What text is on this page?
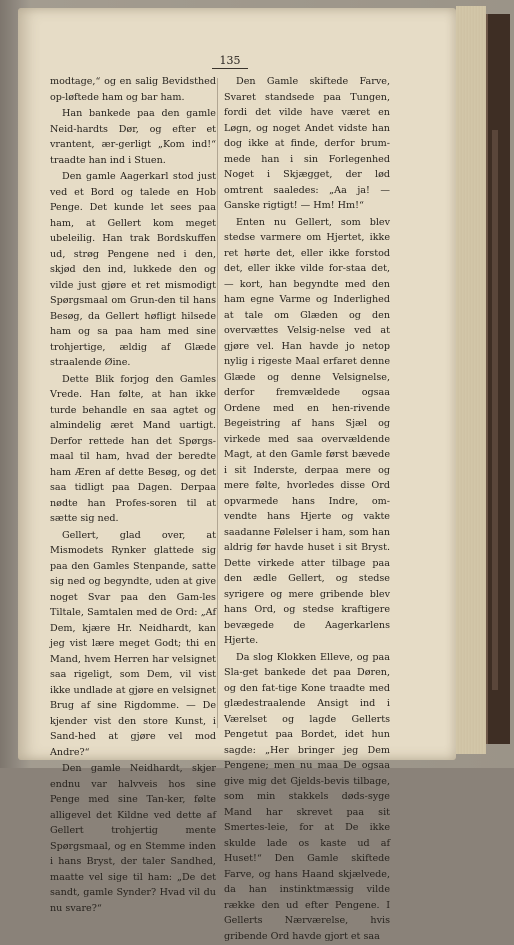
135

modtage,“ og en salig Bevidsthed op-løftede ham og bar ham.

Han bankede paa den gamle Neid-hardts Dør, og efter et vrantent, ær-gerligt „Kom ind!“ traadte han ind i Stuen.

Den gamle Aagerkarl stod just ved et Bord og talede en Hob Penge. Det kunde let sees paa ham, at Gellert kom meget ubeleilig. Han trak Bordskuffen ud, strøg Pengene ned i den, skjød den ind, lukkede den og vilde just gjøre et ret mismodigt Spørgsmaal om Grun-den til hans Besøg, da Gellert høfligt hilsede ham og sa paa ham med sine trohjertige, ældig af Glæde straalende Øine.

Dette Blik forjog den Gamles Vrede. Han følte, at han ikke turde behandle en saa agtet og almindelig æret Mand uartigt. Derfor rettede han det Spørgs-maal til ham, hvad der beredte ham Æren af dette Besøg, og det saa tidligt paa Dagen. Derpaa nødte han Profes-soren til at sætte sig ned.

Gellert, glad over, at Mismodets Rynker glattede sig paa den Gamles Stenpande, satte sig ned og begyndte, uden at give noget Svar paa den Gam-les Tiltale, Samtalen med de Ord: „Af Dem, kjære Hr. Neidhardt, kan jeg vist lære meget Godt; thi en Mand, hvem Herren har velsignet saa rigeligt, som Dem, vil vist ikke undlade at gjøre en velsignet Brug af sine Rigdomme. — De kjender vist den store Kunst, i Sand-hed at gjøre vel mod Andre?“

Den gamle Neidhardt, skjer endnu var halvveis hos sine Penge med sine Tan-ker, følte alligevel det Kildne ved dette af Gellert trohjertig mente Spørgsmaal, og en Stemme inden i hans Bryst, der taler Sandhed, maatte vel sige til ham: „De det sandt, gamle Synder? Hvad vil du nu svare?“

Den Gamle skiftede Farve, Svaret standsede paa Tungen, fordi det vilde have været en Løgn, og noget Andet vidste han dog ikke at finde, derfor brum-mede han i sin Forlegenhed Noget i Skjægget, der lød omtrent saaledes: „Aa ja! — Ganske rigtigt! — Hm! Hm!“

Enten nu Gellert, som blev stedse varmere om Hjertet, ikke ret hørte det, eller ikke forstod det, eller ikke vilde for-staa det, — kort, han begyndte med den ham egne Varme og Inderlighed at tale om Glæden og den overvættes Velsig-nelse ved at gjøre vel. Han havde jo netop nylig i rigeste Maal erfaret denne Glæde og denne Velsignelse, derfor fremvældede ogsaa Ordene med en hen-rivende Begeistring af hans Sjæl og virkede med saa overvældende Magt, at den Gamle først bævede i sit Inderste, derpaa mere og mere følte, hvorledes disse Ord opvarmede hans Indre, om-vendte hans Hjerte og vakte saadanne Følelser i ham, som han aldrig før havde huset i sit Bryst. Dette virkede atter tilbage paa den ædle Gellert, og stedse syrigere og mere gribende blev hans Ord, og stedse kraftigere bevægede de Aagerkarlens Hjerte.

Da slog Klokken Elleve, og paa Sla-get bankede det paa Døren, og den fat-tige Kone traadte med glædestraalende Ansigt ind i Værelset og lagde Gellerts Pengetut paa Bordet, idet hun sagde: „Her bringer jeg Dem Pengene; men nu maa De ogsaa give mig det Gjelds-bevis tilbage, som min stakkels døds-syge Mand har skrevet paa sit Smertes-leie, for at De ikke skulde lade os kaste ud af Huset!“ Den Gamle skiftede Farve, og hans Haand skjælvede, da han instinktmæssig vilde række den ud efter Pengene. I Gellerts Nærværelse, hvis gribende Ord havde gjort et saa
